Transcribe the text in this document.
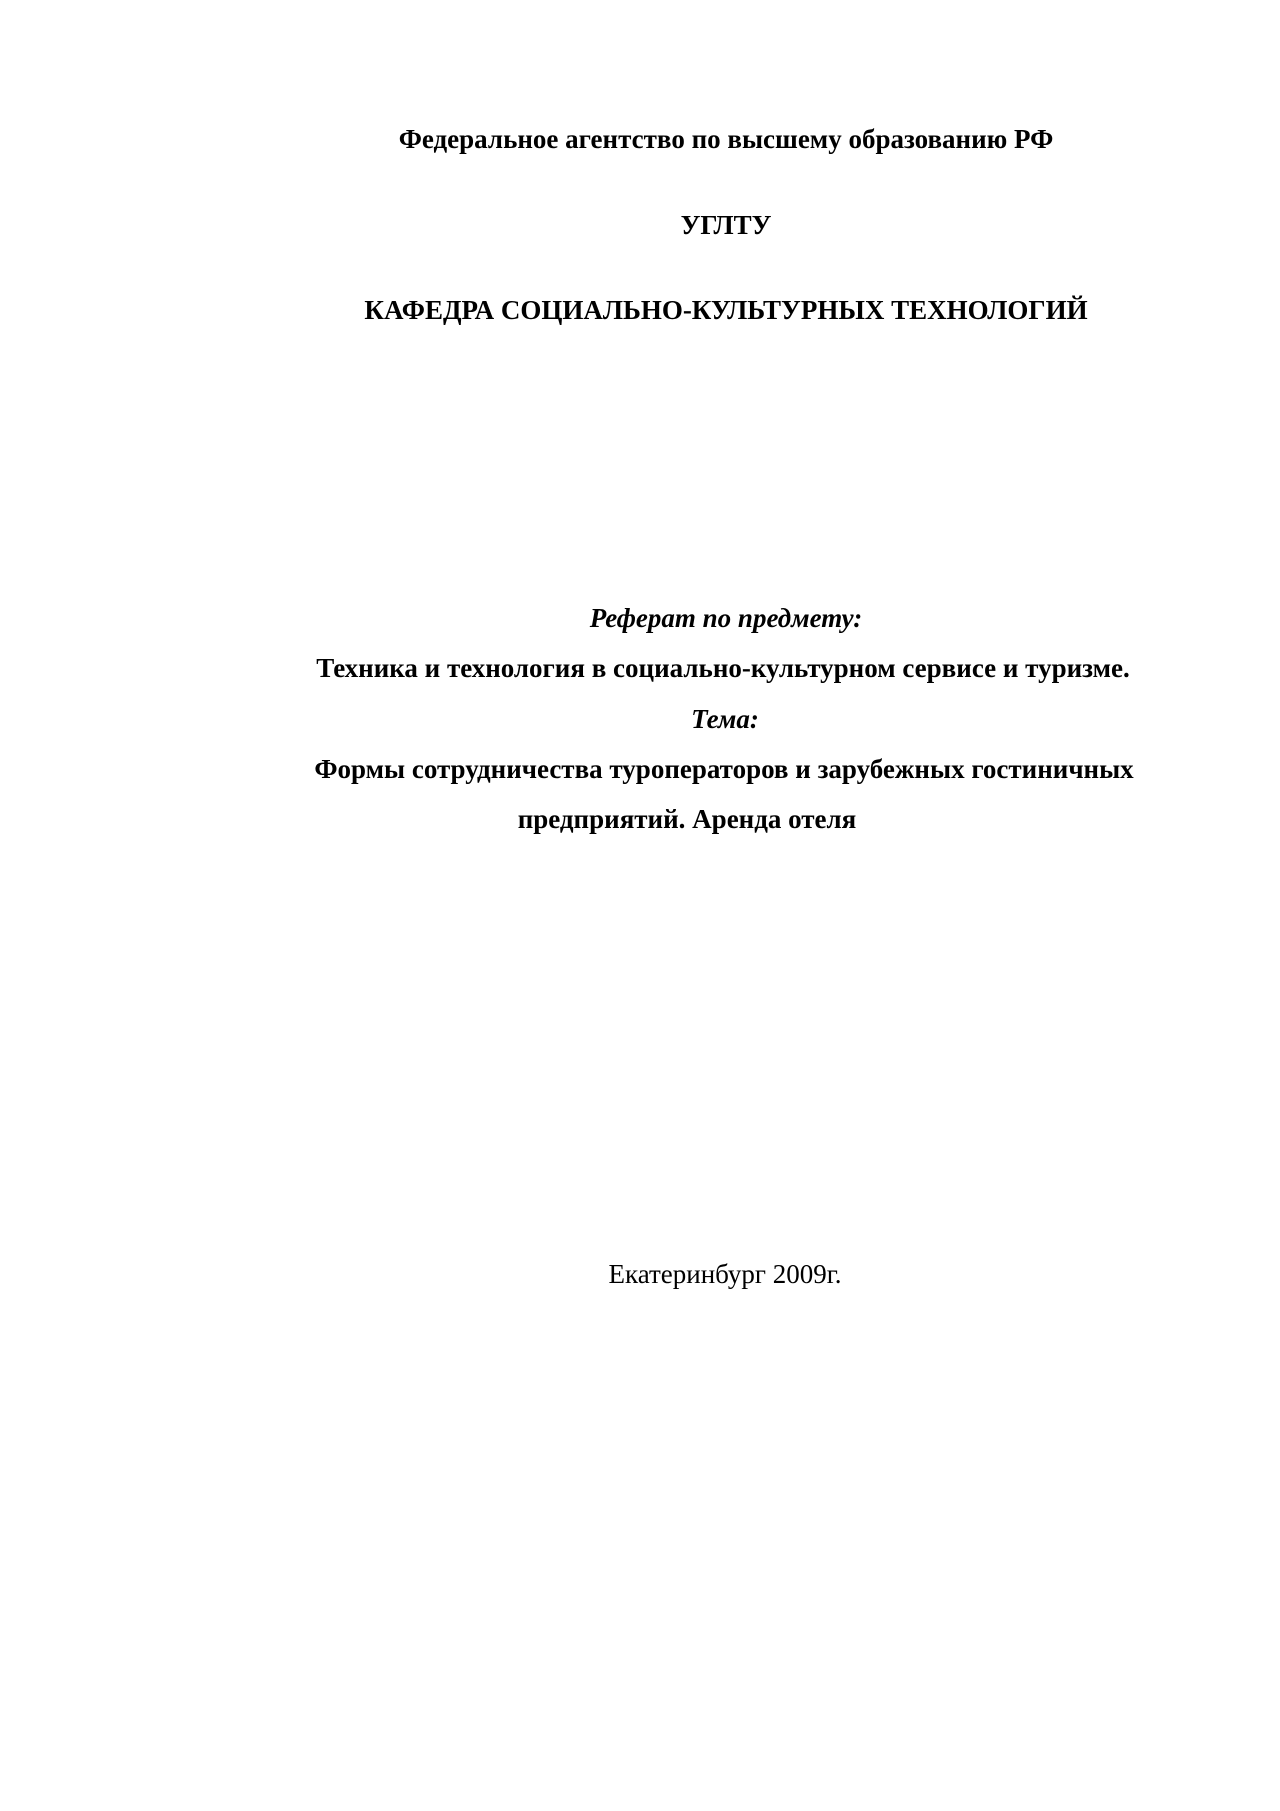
Федеральное агентство по высшему образованию РФ
УГЛТУ
КАФЕДРА СОЦИАЛЬНО-КУЛЬТУРНЫХ ТЕХНОЛОГИЙ
Реферат по предмету:
Техника и технология в социально-культурном сервисе и туризме.
Тема:
Формы сотрудничества туроператоров и зарубежных гостиничных
предприятий. Аренда отеля
Екатеринбург 2009г.
